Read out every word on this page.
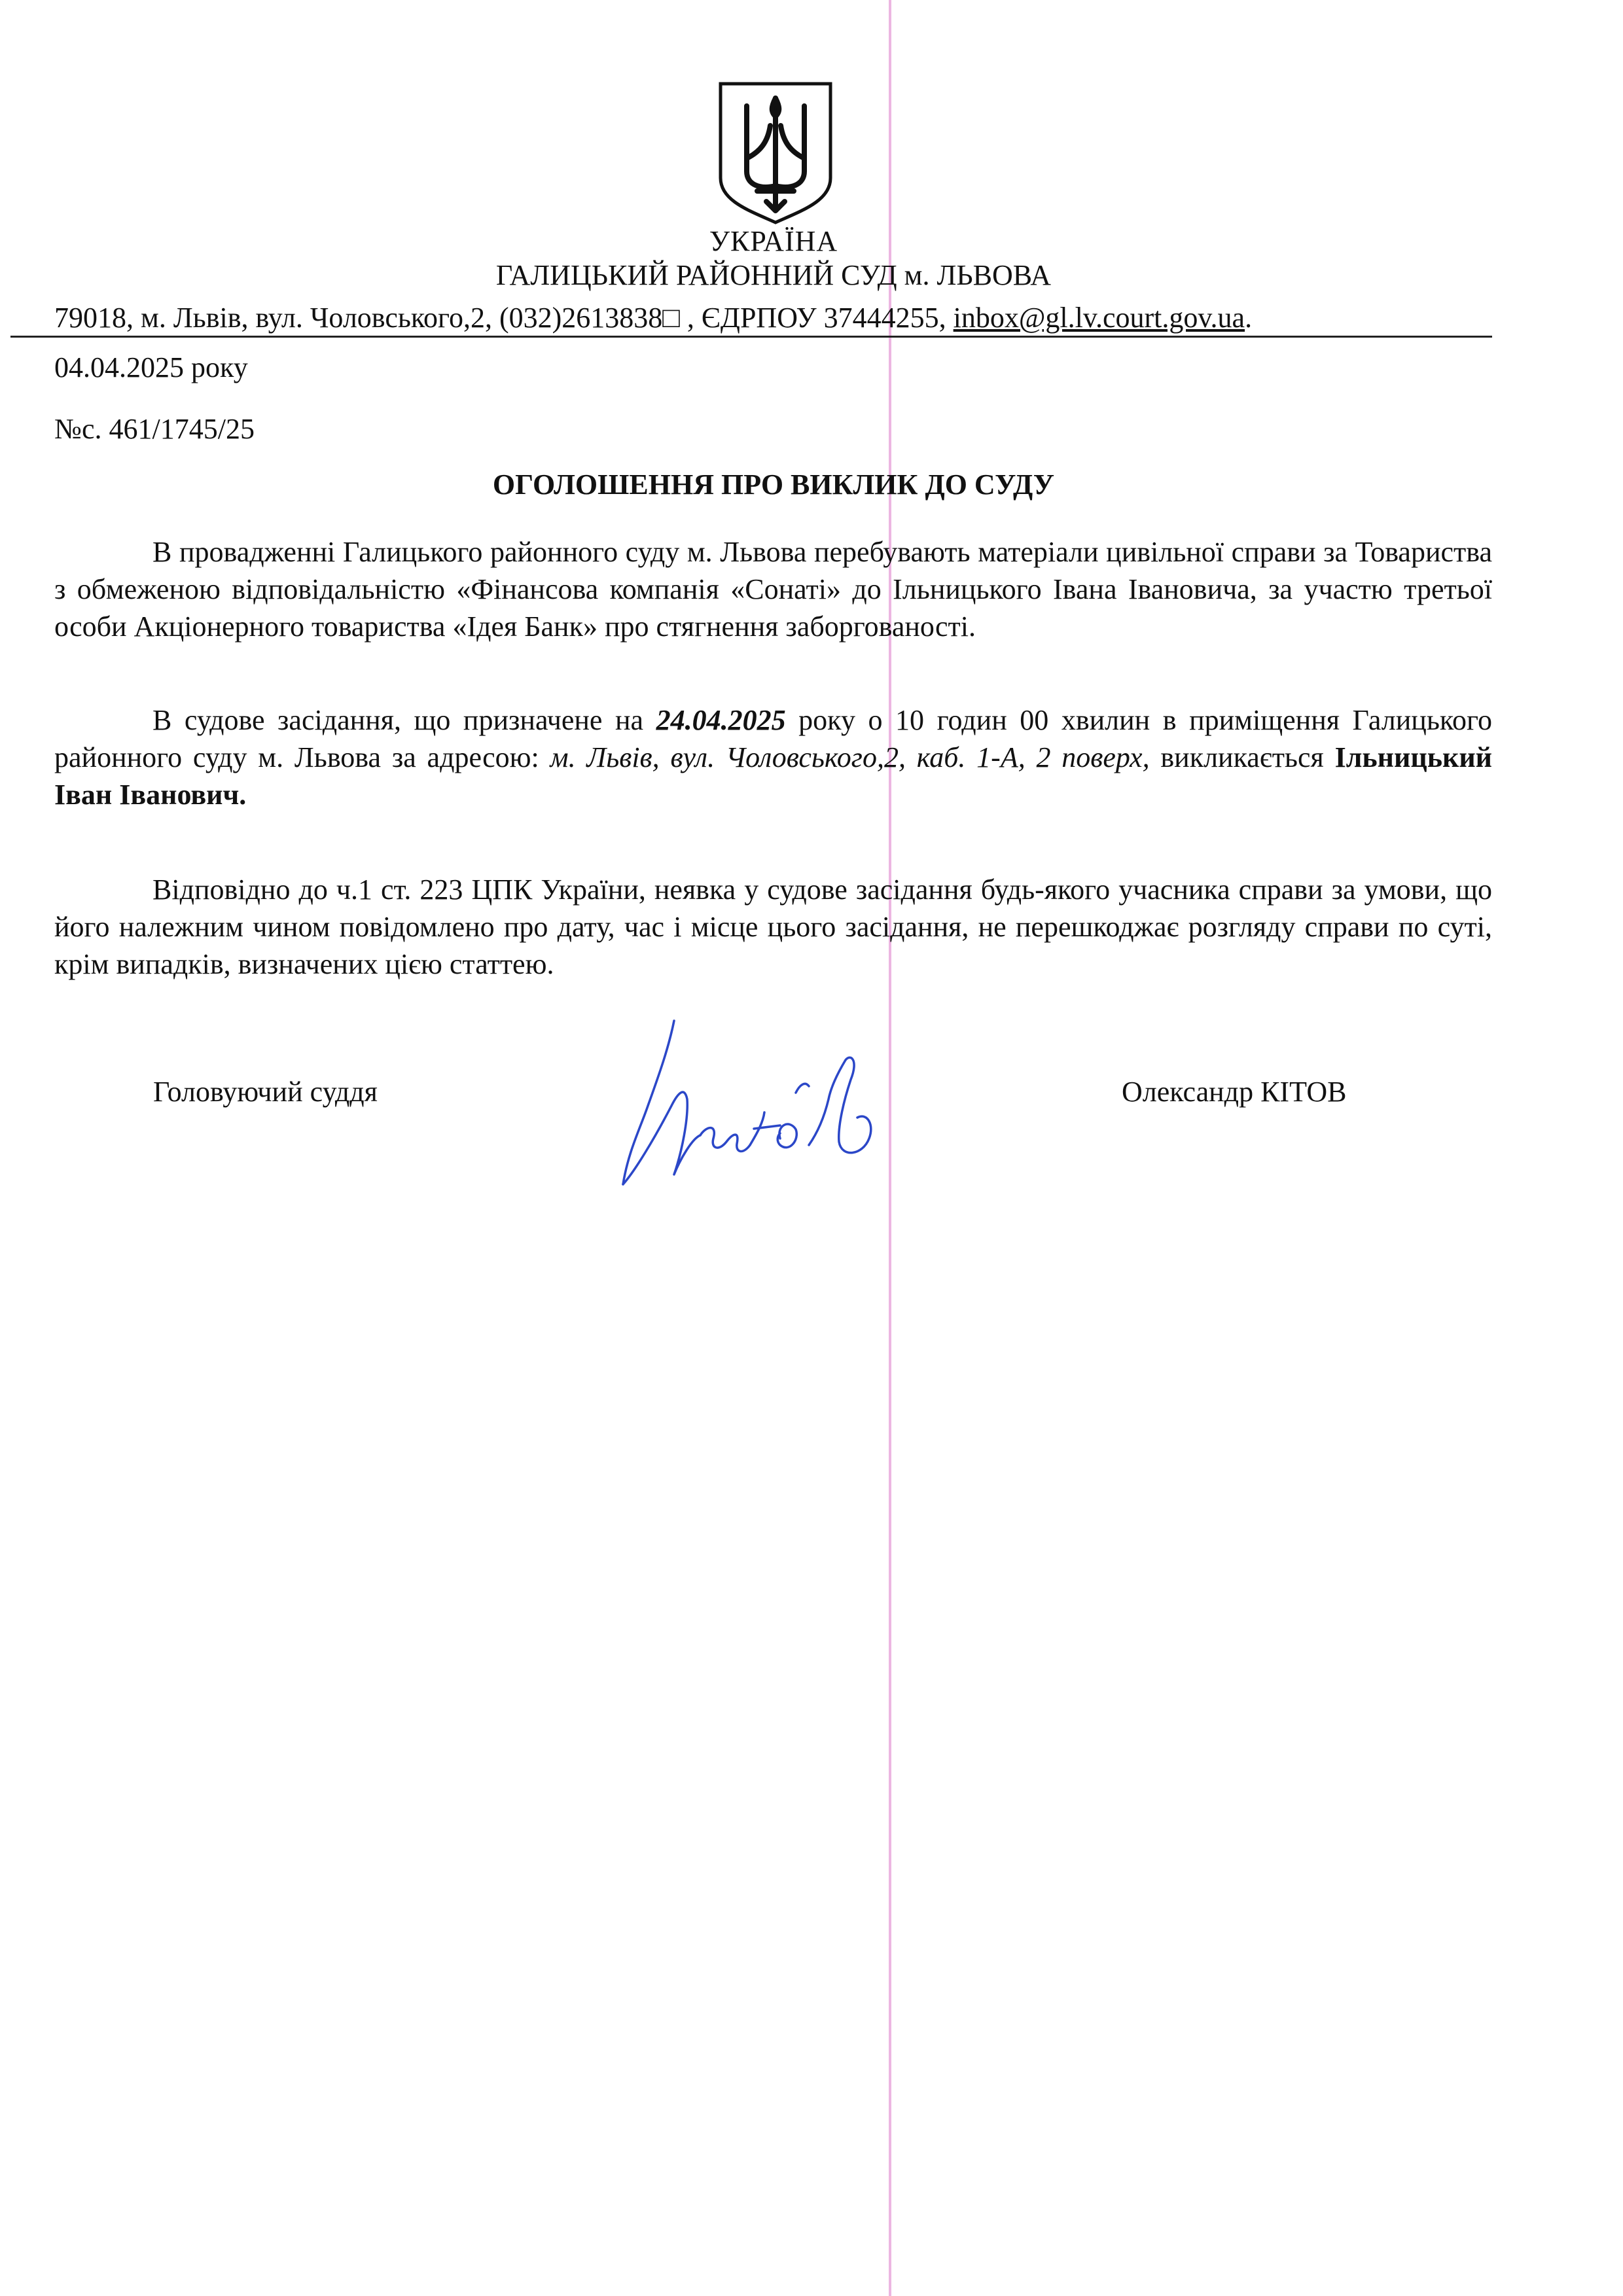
УКРАЇНА
ГАЛИЦЬКИЙ РАЙОННИЙ СУД м. ЛЬВОВА
79018, м. Львів, вул. Чоловського,2, (032)2613838□ , ЄДРПОУ 37444255, inbox@gl.lv.court.gov.ua.
04.04.2025 року
№с. 461/1745/25
ОГОЛОШЕННЯ ПРО ВИКЛИК ДО СУДУ

В провадженні Галицького районного суду м. Львова перебувають матеріали цивільної справи за Товариства з обмеженою відповідальністю «Фінансова компанія «Сонаті» до Ільницького Івана Івановича, за участю третьої особи Акціонерного товариства «Ідея Банк» про стягнення заборгованості.

В судове засідання, що призначене на 24.04.2025 року о 10 годин 00 хвилин в приміщення Галицького районного суду м. Львова за адресою: м. Львів, вул. Чоловського,2, каб. 1-А, 2 поверх, викликається Ільницький Іван Іванович.

Відповідно до ч.1 ст. 223 ЦПК України, неявка у судове засідання будь-якого учасника справи за умови, що його належним чином повідомлено про дату, час і місце цього засідання, не перешкоджає розгляду справи по суті, крім випадків, визначених цією статтею.

Головуючий суддя	Олександр КІТОВ
